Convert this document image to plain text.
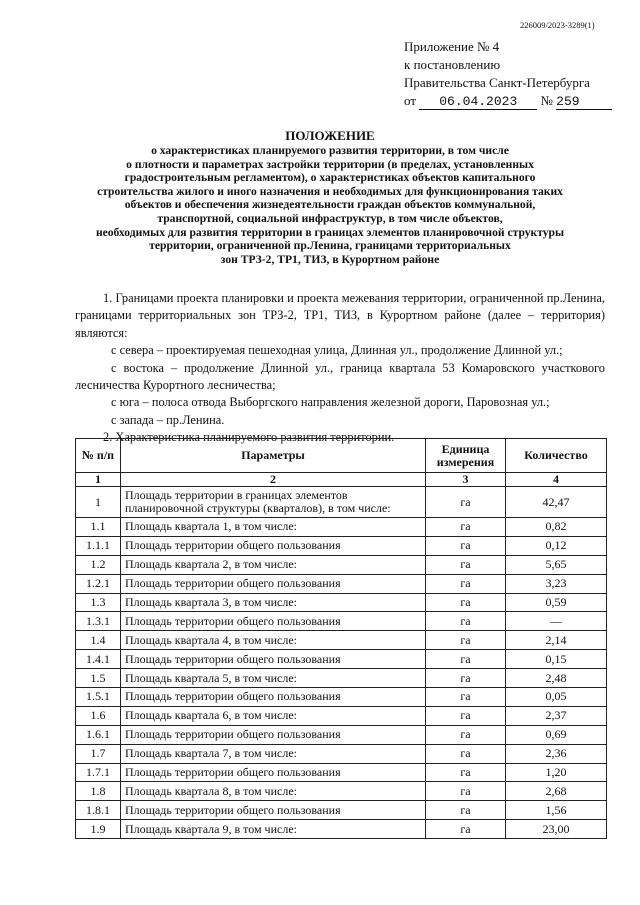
226009/2023-3289(1)
Приложение № 4
к постановлению
Правительства Санкт-Петербурга
от 06.04.2023 № 259
ПОЛОЖЕНИЕ
о характеристиках планируемого развития территории, в том числе
о плотности и параметрах застройки территории (в пределах, установленных
градостроительным регламентом), о характеристиках объектов капитального
строительства жилого и иного назначения и необходимых для функционирования таких
объектов и обеспечения жизнедеятельности граждан объектов коммунальной,
транспортной, социальной инфраструктур, в том числе объектов,
необходимых для развития территории в границах элементов планировочной структуры
территории, ограниченной пр.Ленина, границами территориальных
зон ТРЗ-2, ТР1, ТИЗ, в Курортном районе

1. Границами проекта планировки и проекта межевания территории, ограниченной пр.Ленина, границами территориальных зон ТРЗ-2, ТР1, ТИЗ, в Курортном районе (далее – территория) являются:

с севера – проектируемая пешеходная улица, Длинная ул., продолжение Длинной ул.;

с востока – продолжение Длинной ул., граница квартала 53 Комаровского участкового лесничества Курортного лесничества;

с юга – полоса отвода Выборгского направления железной дороги, Паровозная ул.;

с запада – пр.Ленина.

2. Характеристика планируемого развития территории.

№ п/п	Параметры	Единица измерения	Количество
1	2	3	4
1	Площадь территории в границах элементов планировочной структуры (кварталов), в том числе:	га	42,47
1.1	Площадь квартала 1, в том числе:	га	0,82
1.1.1	Площадь территории общего пользования	га	0,12
1.2	Площадь квартала 2, в том числе:	га	5,65
1.2.1	Площадь территории общего пользования	га	3,23
1.3	Площадь квартала 3, в том числе:	га	0,59
1.3.1	Площадь территории общего пользования	га	—
1.4	Площадь квартала 4, в том числе:	га	2,14
1.4.1	Площадь территории общего пользования	га	0,15
1.5	Площадь квартала 5, в том числе:	га	2,48
1.5.1	Площадь территории общего пользования	га	0,05
1.6	Площадь квартала 6, в том числе:	га	2,37
1.6.1	Площадь территории общего пользования	га	0,69
1.7	Площадь квартала 7, в том числе:	га	2,36
1.7.1	Площадь территории общего пользования	га	1,20
1.8	Площадь квартала 8, в том числе:	га	2,68
1.8.1	Площадь территории общего пользования	га	1,56
1.9	Площадь квартала 9, в том числе:	га	23,00
